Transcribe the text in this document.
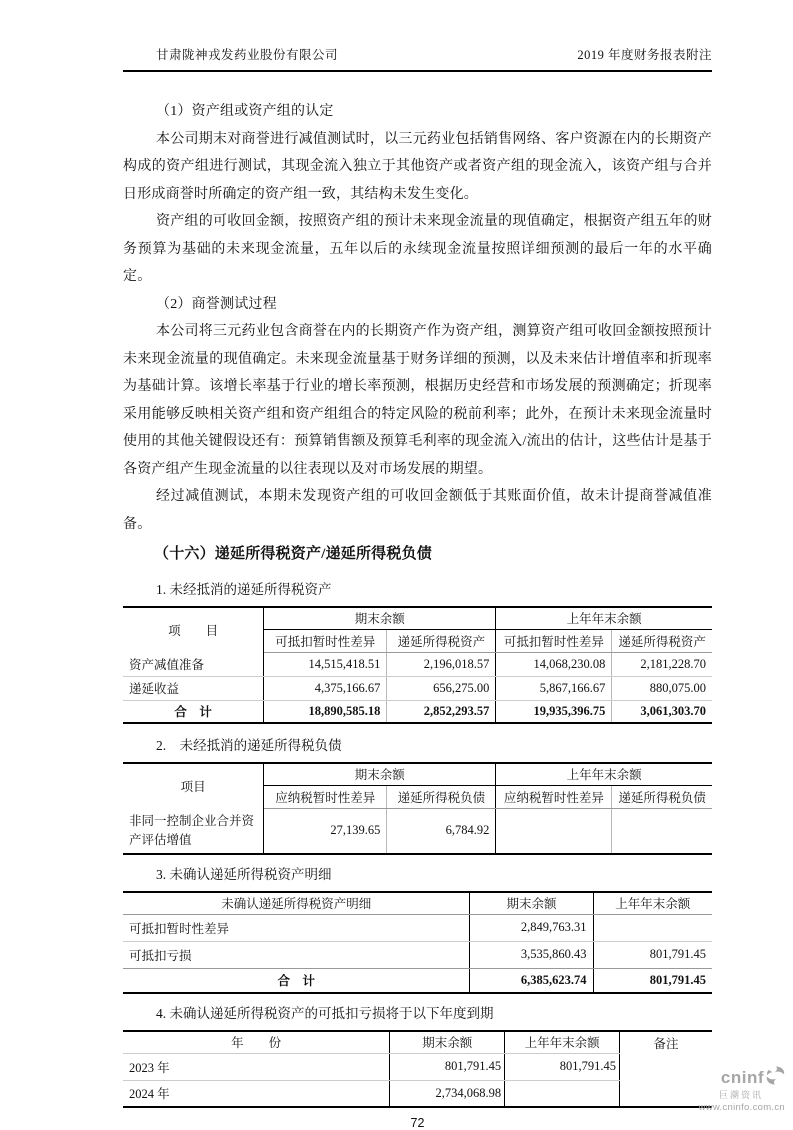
甘肃陇神戎发药业股份有限公司	2019 年度财务报表附注

（1）资产组或资产组的认定

本公司期末对商誉进行减值测试时，以三元药业包括销售网络、客户资源在内的长期资产构成的资产组进行测试，其现金流入独立于其他资产或者资产组的现金流入，该资产组与合并日形成商誉时所确定的资产组一致，其结构未发生变化。

资产组的可收回金额，按照资产组的预计未来现金流量的现值确定，根据资产组五年的财务预算为基础的未来现金流量，五年以后的永续现金流量按照详细预测的最后一年的水平确定。

（2）商誉测试过程

本公司将三元药业包含商誉在内的长期资产作为资产组，测算资产组可收回金额按照预计未来现金流量的现值确定。未来现金流量基于财务详细的预测，以及未来估计增值率和折现率为基础计算。该增长率基于行业的增长率预测，根据历史经营和市场发展的预测确定；折现率采用能够反映相关资产组和资产组组合的特定风险的税前利率；此外，在预计未来现金流量时使用的其他关键假设还有：预算销售额及预算毛利率的现金流入/流出的估计，这些估计是基于各资产组产生现金流量的以往表现以及对市场发展的期望。

经过减值测试，本期未发现资产组的可收回金额低于其账面价值，故未计提商誉减值准备。

（十六）递延所得税资产/递延所得税负债

1. 未经抵消的递延所得税资产

项　　目	期末余额		上年年末余额	
	可抵扣暂时性差异	递延所得税资产	可抵扣暂时性差异	递延所得税资产
资产减值准备	14,515,418.51	2,196,018.57	14,068,230.08	2,181,228.70
递延收益	4,375,166.67	656,275.00	5,867,166.67	880,075.00
合　计	18,890,585.18	2,852,293.57	19,935,396.75	3,061,303.70

2.　未经抵消的递延所得税负债

项目	期末余额		上年年末余额	
	应纳税暂时性差异	递延所得税负债	应纳税暂时性差异	递延所得税负债
非同一控制企业合并资产评估增值	27,139.65	6,784.92		

3. 未确认递延所得税资产明细

未确认递延所得税资产明细	期末余额	上年年末余额
可抵扣暂时性差异	2,849,763.31	
可抵扣亏损	3,535,860.43	801,791.45
合　计	6,385,623.74	801,791.45

4. 未确认递延所得税资产的可抵扣亏损将于以下年度到期

年　　份	期末余额	上年年末余额	备注
2023 年	801,791.45	801,791.45	
2024 年	2,734,068.98		
72
cninf
巨潮资讯
www.cninfo.com.cn
